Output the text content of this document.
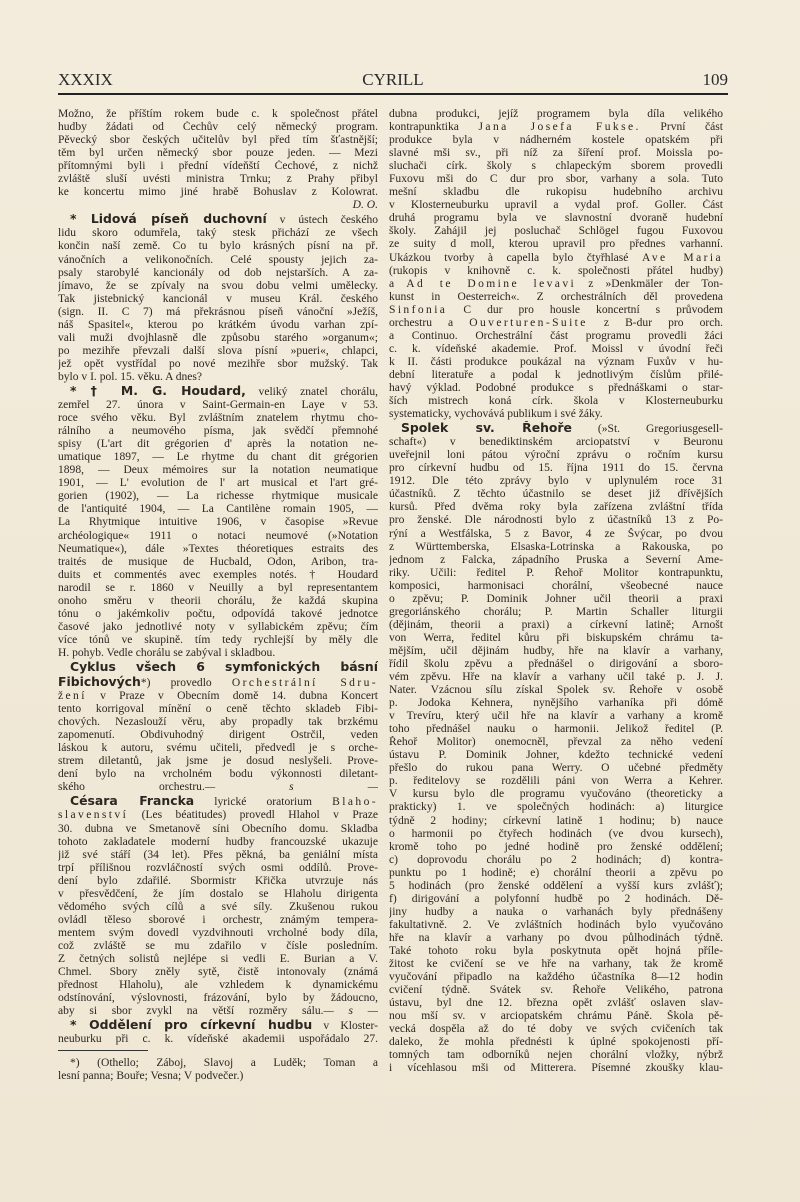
XXXIX	CYRILL	109
Možno, že příštím rokem bude c. k společnost přátel
hudby žádati od Čechův celý německý program.
Pěvecký sbor českých učitelův byl před tím šťastnější;
těm byl určen německý sbor pouze jeden. — Mezi
přítomnými byli i přední vídeňští Čechové, z nichž
zvláště sluší uvésti ministra Trnku; z Prahy přibyl
ke koncertu mimo jiné hrabě Bohuslav z Kolowrat.
D. O.
* Lidová píseň duchovní v ústech českého
lidu skoro odumřela, taký stesk přichází ze všech
končin naší země. Co tu bylo krásných písní na př.
vánočních a velikonočních. Celé spousty jejich za-
psaly starobylé kancionály od dob nejstarších. A za-
jímavo, že se zpívaly na svou dobu velmi umělecky.
Tak jistebnický kancionál v museu Král. českého
(sign. II. C 7) má překrásnou píseň vánoční »Ježíš,
náš Spasitel«, kterou po krátkém úvodu varhan zpí-
vali muži dvojhlasně dle způsobu starého »organum«;
po mezihře převzali další slova písní »pueri«, chlapci,
jež opět vystřídal po nové mezihře sbor mužský. Tak
bylo v I. pol. 15. věku. A dnes?
* † M. G. Houdard, veliký znatel chorálu,
zemřel 27. února v Saint-Germain-en Laye v 53.
roce svého věku. Byl zvláštním znatelem rhytmu cho-
rálního a neumového písma, jak svědčí přemnohé
spisy (L'art dit grégorien d' après la notation ne-
umatique 1897, — Le rhytme du chant dit grégorien
1898, — Deux mémoires sur la notation neumatique
1901, — L' evolution de l' art musical et l'art gré-
gorien (1902), — La richesse rhytmique musicale
de l'antiquité 1904, — La Cantilène romain 1905, —
La Rhytmique intuitive 1906, v časopise »Revue
archéologique« 1911 o notaci neumové (»Notation
Neumatique«), dále »Textes théoretiques estraits des
traités de musique de Hucbald, Odon, Aribon, tra-
duits et commentés avec exemples notés. † Houdard
narodil se r. 1860 v Neuilly a byl representantem
onoho směru v theorii chorálu, že každá skupina
tónu o jakémkoliv počtu, odpovídá takové jednotce
časové jako jednotlivé noty v syllabickém zpěvu; čím
více tónů ve skupině. tím tedy rychlejší by měly dle
H. pohyb. Vedle chorálu se zabýval i skladbou.
Cyklus všech 6 symfonických básní
Fibichových*) provedlo Orchestrální Sdru-
žení v Praze v Obecním domě 14. dubna Koncert
tento korrigoval mínění o ceně těchto skladeb Fibi-
chových. Nezaslouží věru, aby propadly tak brzkému
zapomenutí. Obdivuhodný dirigent Ostrčil, veden
láskou k autoru, svému učiteli, předvedl je s orche-
strem diletantů, jak jsme je dosud neslyšeli. Prove-
dení bylo na vrcholném bodu výkonnosti diletant-
ského orchestru.— s —
Césara Francka lyrické oratorium Blaho-
slavenství (Les béatitudes) provedl Hlahol v Praze
30. dubna ve Smetanově síni Obecního domu. Skladba
tohoto zakladatele moderní hudby francouzské ukazuje
již své stáří (34 let). Přes pěkná, ba geniální místa
trpí přílišnou rozvláčností svých osmi oddílů. Prove-
dení bylo zdařilé. Sbormistr Křička utvrzuje nás
v přesvědčení, že jím dostalo se Hlaholu dirigenta
vědomého svých cílů a své síly. Zkušenou rukou
ovládl těleso sborové i orchestr, známým tempera-
mentem svým dovedl vyzdvihnouti vrcholné body díla,
což zvláště se mu zdařilo v čísle posledním.
Z četných solistů nejlépe si vedli E. Burian a V.
Chmel. Sbory zněly sytě, čistě intonovaly (známá
přednost Hlaholu), ale vzhledem k dynamickému
odstínování, výslovnosti, frázování, bylo by žádoucno,
aby si sbor zvykl na větší rozměry sálu.— s —
* Oddělení pro církevní hudbu v Kloster-
neuburku při c. k. vídeňské akademii uspořádalo 27.
*) (Othello; Záboj, Slavoj a Luděk; Toman a
lesní panna; Bouře; Vesna; V podvečer.)
dubna produkci, jejíž programem byla díla velikého
kontrapunktika Jana Josefa Fukse. První část
produkce byla v nádherném kostele opatském při
slavné mši sv., při níž za šíření prof. Moissla po-
sluchači círk. školy s chlapeckým sborem provedli
Fuxovu mši do C dur pro sbor, varhany a sola. Tuto
mešní skladbu dle rukopisu hudebního archivu
v Klosterneuburku upravil a vydal prof. Goller. Část
druhá programu byla ve slavnostní dvoraně hudební
školy. Zahájil jej posluchač Schlögel fugou Fuxovou
ze suity d moll, kterou upravil pro přednes varhanní.
Ukázkou tvorby à capella bylo čtyřhlasé Ave Maria
(rukopis v knihovně c. k. společnosti přátel hudby)
a Ad te Domine levavi z »Denkmäler der Ton-
kunst in Oesterreich«. Z orchestrálních děl provedena
Sinfonia C dur pro housle koncertní s průvodem
orchestru a Ouverturen-Suite z B-dur pro orch.
a Continuo. Orchestrální část programu provedli žáci
c. k. vídeňské akademie. Prof. Moissl v úvodní řeči
k II. části produkce poukázal na význam Fuxův v hu-
dební literatuře a podal k jednotlivým číslům přilé-
havý výklad. Podobné produkce s přednáškami o star-
ších mistrech koná círk. škola v Klosterneuburku
systematicky, vychovává publikum i své žáky.
Spolek sv. Řehoře (»St. Gregoriusgesell-
schaft«) v benediktinském arciopatství v Beuronu
uveřejnil loni pátou výroční zprávu o ročním kursu
pro církevní hudbu od 15. října 1911 do 15. června
1912. Dle této zprávy bylo v uplynulém roce 31
účastníků. Z těchto účastnilo se deset již dřívějších
kursů. Před dvěma roky byla zařízena zvláštní třída
pro ženské. Dle národnosti bylo z účastníků 13 z Po-
rýní a Westfálska, 5 z Bavor, 4 ze Švýcar, po dvou
z Württemberska, Elsaska-Lotrinska a Rakouska, po
jednom z Falcka, západního Pruska a Severní Ame-
riky. Učili: ředitel P. Řehoř Molitor kontrapunktu,
komposici, harmonisaci chorální, všeobecné nauce
o zpěvu; P. Dominik Johner učil theorii a praxi
gregoriánského chorálu; P. Martin Schaller liturgii
(dějinám, theorii a praxi) a církevní latině; Arnošt
von Werra, ředitel kůru při biskupském chrámu ta-
mějším, učil dějinám hudby, hře na klavír a varhany,
řídil školu zpěvu a přednášel o dirigování a sboro-
vém zpěvu. Hře na klavír a varhany učil také p. J. J.
Nater. Vzácnou sílu získal Spolek sv. Řehoře v osobě
p. Jodoka Kehnera, nynějšího varhaníka při dómě
v Trevíru, který učil hře na klavír a varhany a kromě
toho přednášel nauku o harmonii. Jelikož ředitel (P.
Řehoř Molitor) onemocněl, převzal za něho vedení
ústavu P. Dominik Johner, kdežto technické vedení
přešlo do rukou pana Werry. O učebné předměty
p. ředitelovy se rozdělili páni von Werra a Kehrer.
V kursu bylo dle programu vyučováno (theoreticky a
prakticky) 1. ve společných hodinách: a) liturgice
týdně 2 hodiny; církevní latině 1 hodinu; b) nauce
o harmonii po čtyřech hodinách (ve dvou kursech),
kromě toho po jedné hodině pro ženské oddělení;
c) doprovodu chorálu po 2 hodinách; d) kontra-
punktu po 1 hodině; e) chorální theorii a zpěvu po
5 hodinách (pro ženské oddělení a vyšší kurs zvlášť);
f) dirigování a polyfonní hudbě po 2 hodinách. Dě-
jiny hudby a nauka o varhanách byly přednášeny
fakultativně. 2. Ve zvláštních hodinách bylo vyučováno
hře na klavír a varhany po dvou půlhodinách týdně.
Také tohoto roku byla poskytnuta opět hojná příle-
žitost ke cvičení se ve hře na varhany, tak že kromě
vyučování připadlo na každého účastníka 8—12 hodin
cvičení týdně. Svátek sv. Řehoře Velikého, patrona
ústavu, byl dne 12. března opět zvlášť oslaven slav-
nou mší sv. v arciopatském chrámu Páně. Škola pě-
vecká dospěla až do té doby ve svých cvičeních tak
daleko, že mohla přednésti k úplné spokojenosti pří-
tomných tam odborníků nejen chorální vložky, nýbrž
i vícehlasou mši od Mitterera. Písemné zkoušky klau-
